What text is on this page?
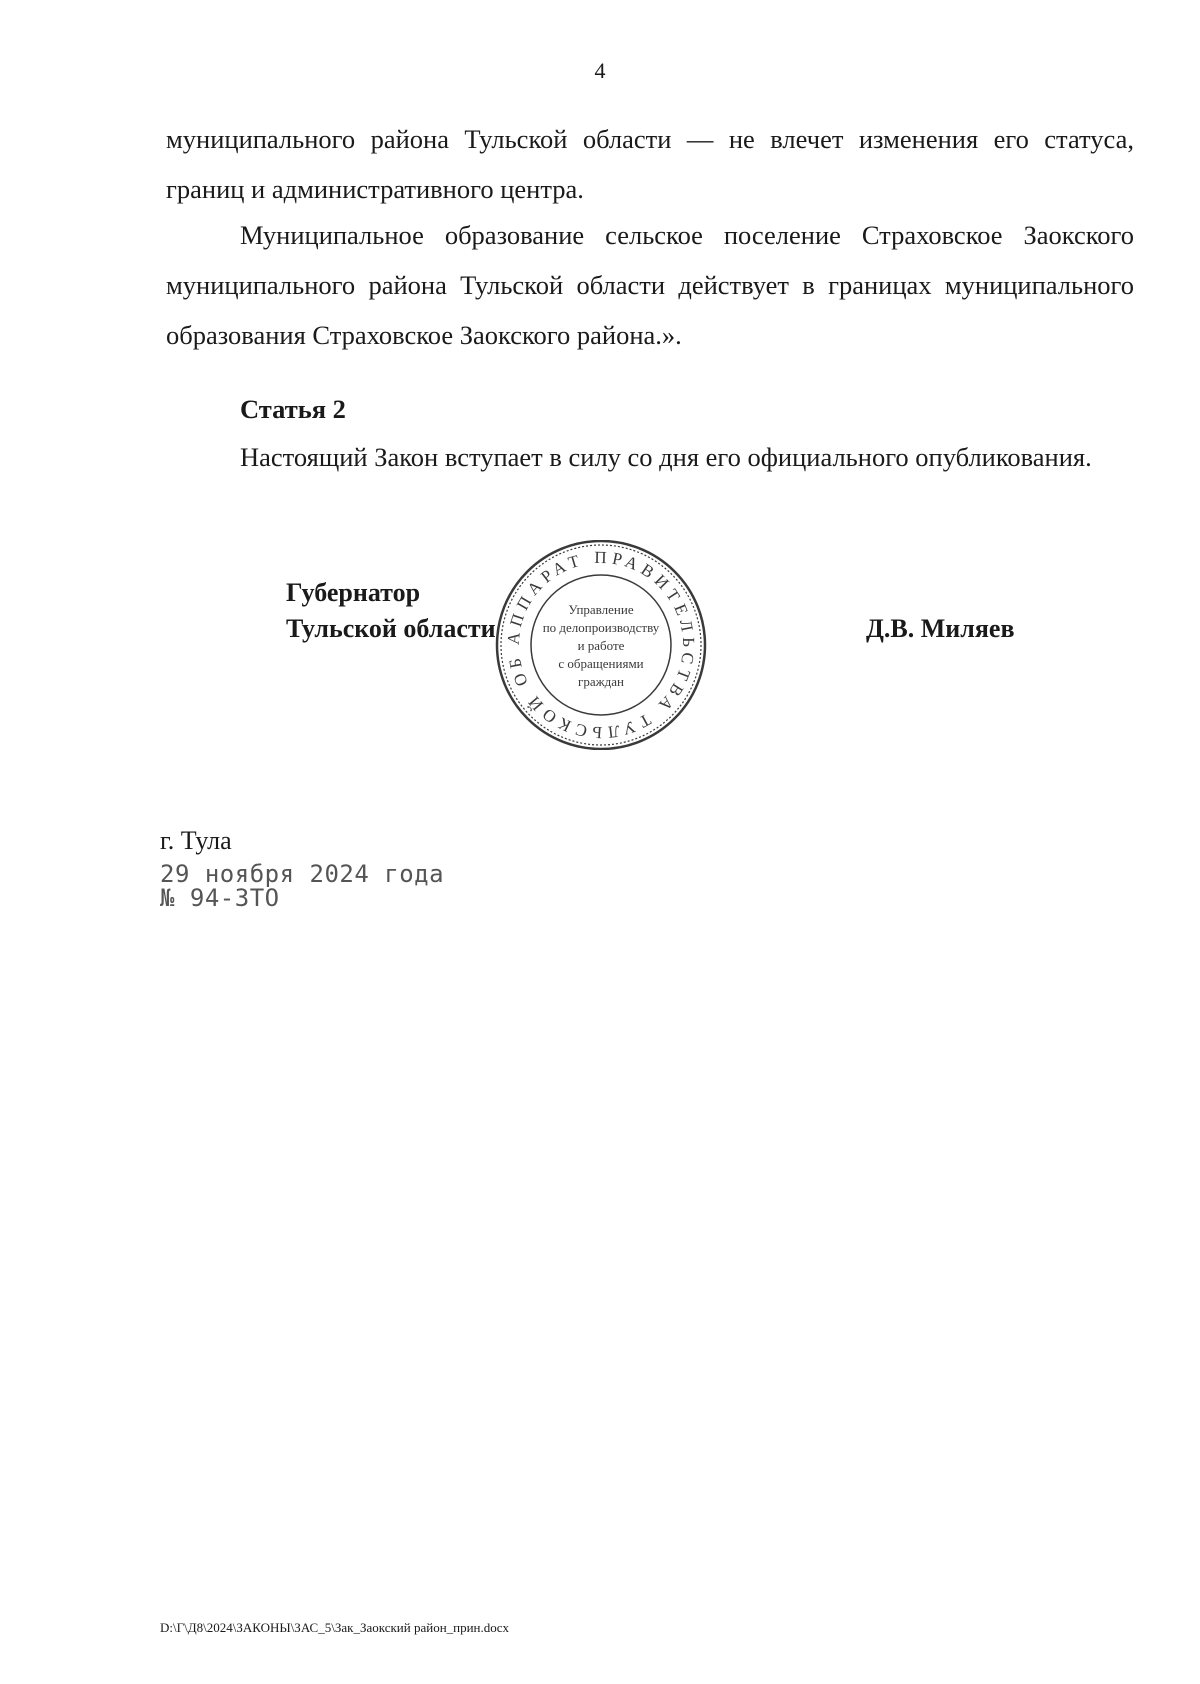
4

муниципального района Тульской области — не влечет изменения его статуса, границ и административного центра.

Муниципальное образование сельское поселение Страховское Заокского муниципального района Тульской области действует в границах муниципального образования Страховское Заокского района.».

Статья 2

Настоящий Закон вступает в силу со дня его официального опубликования.

АППАРАТ ПРАВИТЕЛЬСТВА ТУЛЬСКОЙ ОБ
Управление
по делопроизводству
и работе
с обращениями
граждан

Губернатор

Тульской области	Д.В. Миляев

г. Тула

29 ноября 2024 года

№ 94-ЗТО

D:\Г\Д8\2024\ЗАКОНЫ\ЗАС_5\Зак_Заокский район_прин.docx
